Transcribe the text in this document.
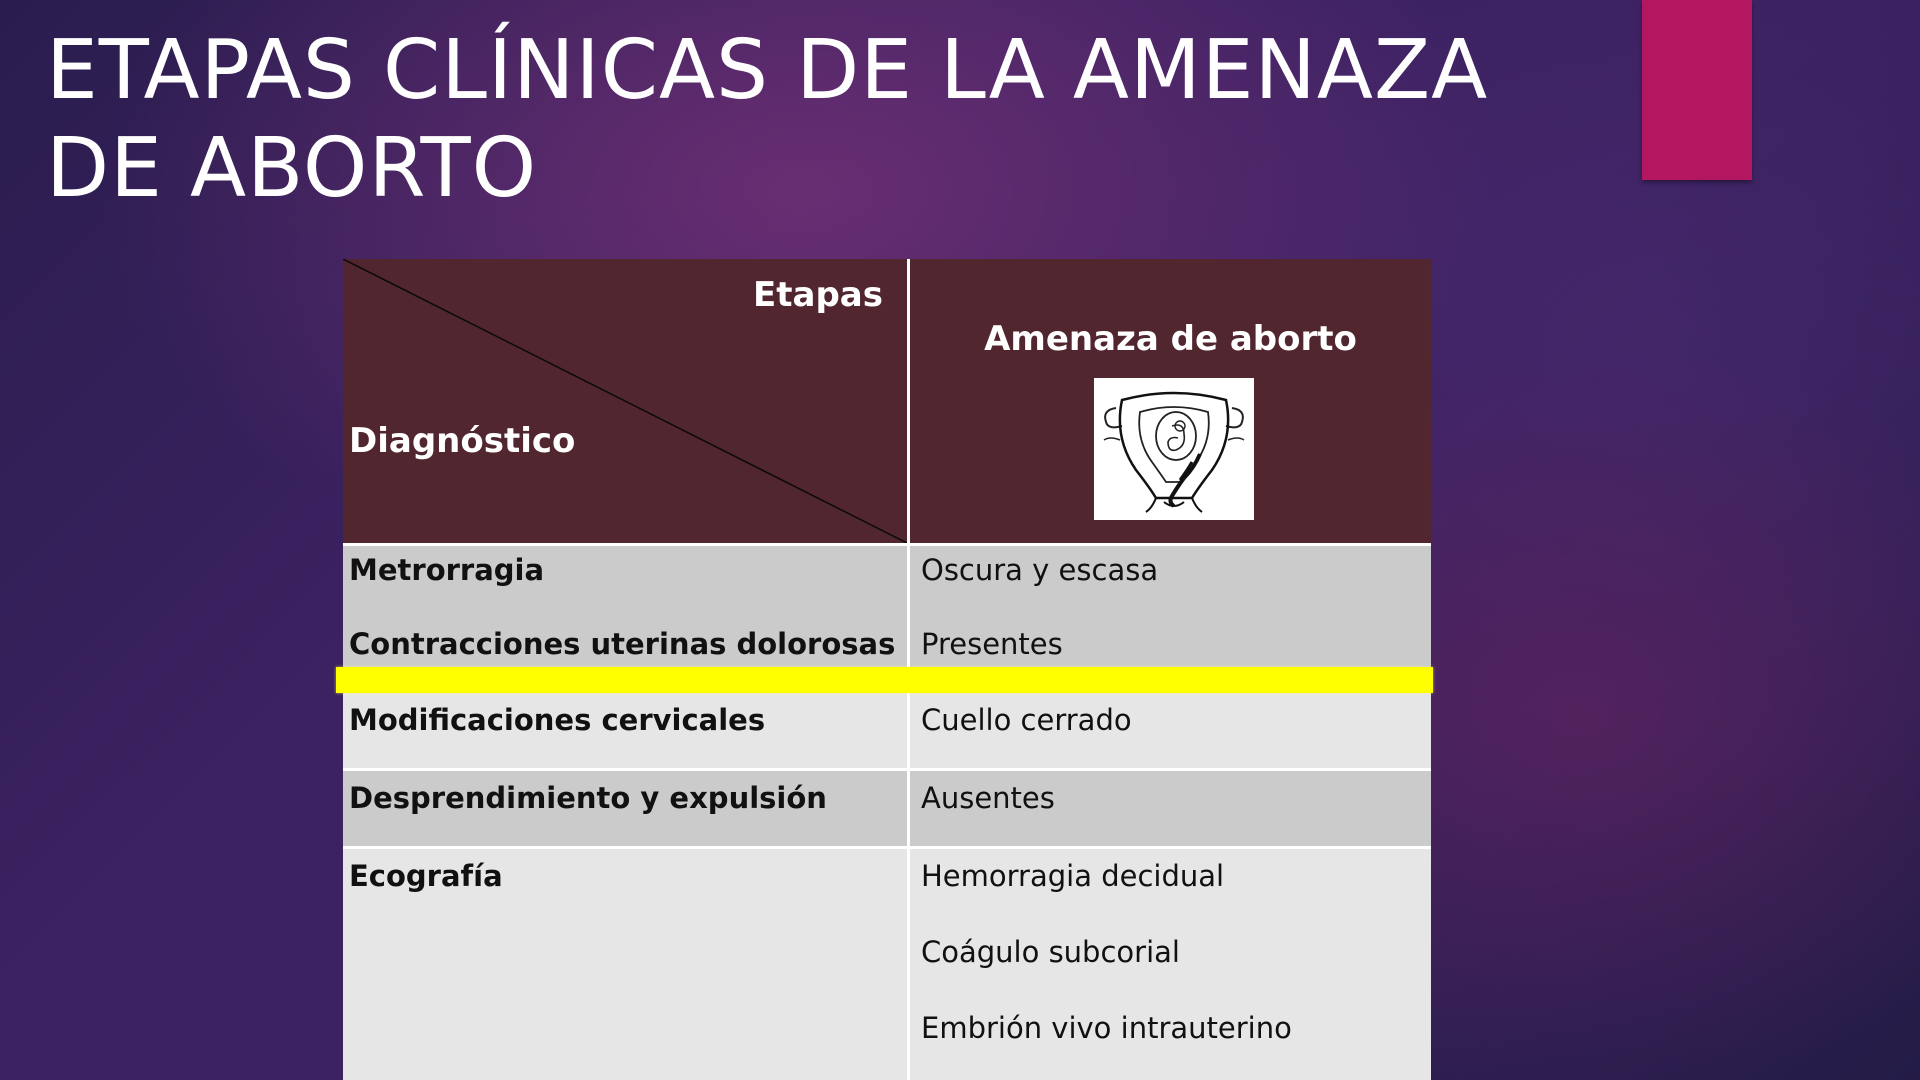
ETAPAS CLÍNICAS DE LA AMENAZA
DE ABORTO
Etapas
Diagnóstico
Amenaza de aborto
Metrorragia	Oscura y escasa
Contracciones uterinas dolorosas Presentes
Modificaciones cervicales	Cuello cerrado
Desprendimiento y expulsión	Ausentes
Ecografía	Hemorragia decidual
Coágulo subcorial
Embrión vivo intrauterino
